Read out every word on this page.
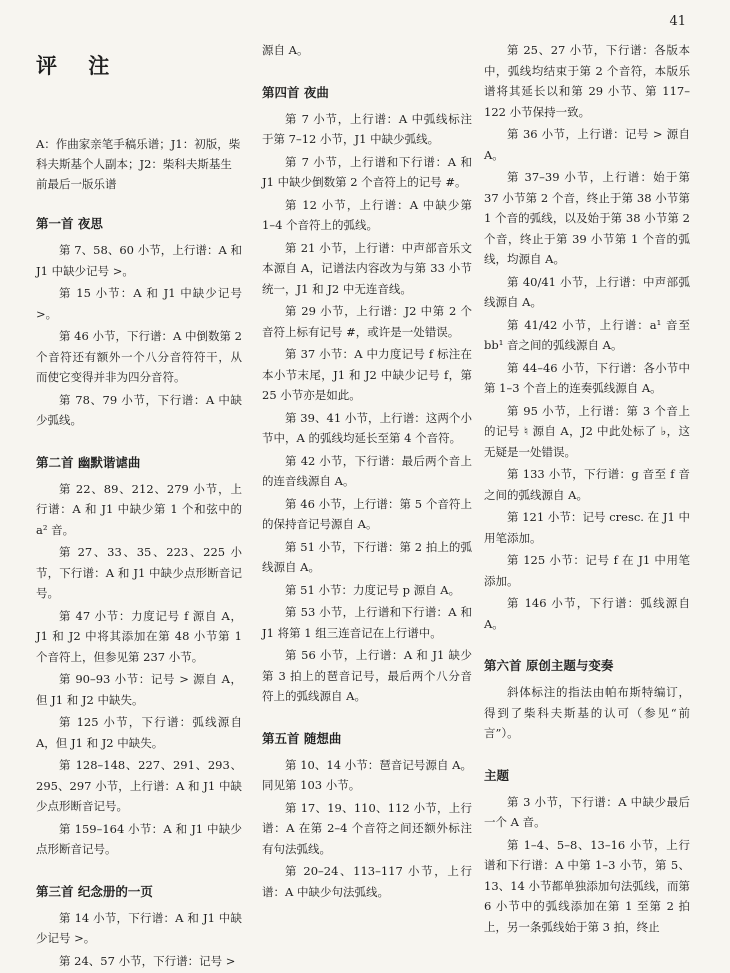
41
评 注
A：作曲家亲笔手稿乐谱；J1：初版，柴科夫斯基个人副本；J2：柴科夫斯基生前最后一版乐谱
第一首 夜思

第 7、58、60 小节，上行谱：A 和 J1 中缺少记号 >。

第 15 小节：A 和 J1 中缺少记号 >。

第 46 小节，下行谱：A 中倒数第 2 个音符还有额外一个八分音符符干，从而使它变得并非为四分音符。

第 78、79 小节，下行谱：A 中缺少弧线。

第二首 幽默谐谑曲

第 22、89、212、279 小节，上行谱：A 和 J1 中缺少第 1 个和弦中的 a² 音。

第 27、33、35、223、225 小节，下行谱：A 和 J1 中缺少点形断音记号。

第 47 小节：力度记号 f 源自 A，J1 和 J2 中将其添加在第 48 小节第 1 个音符上，但参见第 237 小节。

第 90–93 小节：记号 > 源自 A，但 J1 和 J2 中缺失。

第 125 小节，下行谱：弧线源自 A，但 J1 和 J2 中缺失。

第 128–148、227、291、293、295、297 小节，上行谱：A 和 J1 中缺少点形断音记号。

第 159–164 小节：A 和 J1 中缺少点形断音记号。

第三首 纪念册的一页

第 14 小节，下行谱：A 和 J1 中缺少记号 >。

第 24、57 小节，下行谱：记号 >

源自 A。

第四首 夜曲

第 7 小节，上行谱：A 中弧线标注于第 7–12 小节，J1 中缺少弧线。

第 7 小节，上行谱和下行谱：A 和 J1 中缺少倒数第 2 个音符上的记号 #。

第 12 小节，上行谱：A 中缺少第 1–4 个音符上的弧线。

第 21 小节，上行谱：中声部音乐文本源自 A，记谱法内容改为与第 33 小节统一，J1 和 J2 中无连音线。

第 29 小节，上行谱：J2 中第 2 个音符上标有记号 #，或许是一处错误。

第 37 小节：A 中力度记号 f 标注在本小节末尾，J1 和 J2 中缺少记号 f，第 25 小节亦是如此。

第 39、41 小节，上行谱：这两个小节中，A 的弧线均延长至第 4 个音符。

第 42 小节，下行谱：最后两个音上的连音线源自 A。

第 46 小节，上行谱：第 5 个音符上的保持音记号源自 A。

第 51 小节，下行谱：第 2 拍上的弧线源自 A。

第 51 小节：力度记号 p 源自 A。

第 53 小节，上行谱和下行谱：A 和 J1 将第 1 组三连音记在上行谱中。

第 56 小节，上行谱：A 和 J1 缺少第 3 拍上的琶音记号，最后两个八分音符上的弧线源自 A。

第五首 随想曲

第 10、14 小节：琶音记号源自 A。同见第 103 小节。

第 17、19、110、112 小节，上行谱：A 在第 2–4 个音符之间还额外标注有句法弧线。

第 20–24、113–117 小节，上行谱：A 中缺少句法弧线。

第 25、27 小节，下行谱：各版本中，弧线均结束于第 2 个音符，本版乐谱将其延长以和第 29 小节、第 117–122 小节保持一致。

第 36 小节，上行谱：记号 > 源自 A。

第 37–39 小节，上行谱：始于第 37 小节第 2 个音，终止于第 38 小节第 1 个音的弧线，以及始于第 38 小节第 2 个音，终止于第 39 小节第 1 个音的弧线，均源自 A。

第 40/41 小节，上行谱：中声部弧线源自 A。

第 41/42 小节，上行谱：a¹ 音至 bb¹ 音之间的弧线源自 A。

第 44–46 小节，下行谱：各小节中第 1–3 个音上的连奏弧线源自 A。

第 95 小节，上行谱：第 3 个音上的记号 ♮ 源自 A，J2 中此处标了 ♭，这无疑是一处错误。

第 133 小节，下行谱：g 音至 f 音之间的弧线源自 A。

第 121 小节：记号 cresc. 在 J1 中用笔添加。

第 125 小节：记号 f 在 J1 中用笔添加。

第 146 小节，下行谱：弧线源自 A。

第六首 原创主题与变奏

斜体标注的指法由帕布斯特编订，得到了柴科夫斯基的认可（参见“前言”）。

主题

第 3 小节，下行谱：A 中缺少最后一个 A 音。

第 1–4、5–8、13–16 小节，上行谱和下行谱：A 中第 1–3 小节，第 5、13、14 小节都单独添加句法弧线，而第 6 小节中的弧线添加在第 1 至第 2 拍上，另一条弧线始于第 3 拍，终止
